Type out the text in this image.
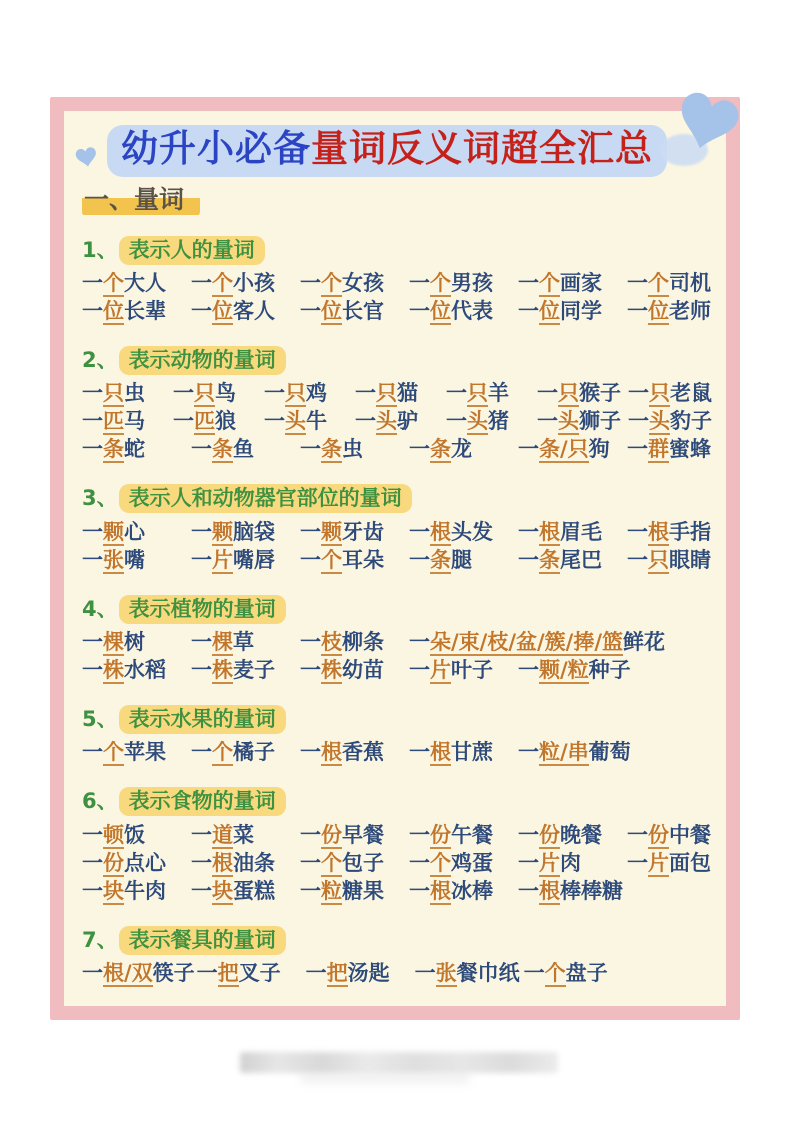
幼升小必备量词反义词超全汇总
一、量词
1、 表示人的量词
一个大人	一个小孩	一个女孩	一个男孩	一个画家	一个司机
一位长辈	一位客人	一位长官	一位代表	一位同学	一位老师
2、 表示动物的量词
一只虫	一只鸟	一只鸡	一只猫	一只羊	一只猴子 一只老鼠
一匹马	一匹狼	一头牛	一头驴	一头猪	一头狮子 一头豹子
一条蛇	一条鱼	一条虫	一条龙	一条/只狗 一群蜜蜂
3、 表示人和动物器官部位的量词
一颗心	一颗脑袋	一颗牙齿	一根头发	一根眉毛	一根手指
一张嘴	一片嘴唇	一个耳朵	一条腿	一条尾巴	一只眼睛
4、 表示植物的量词
一棵树	一棵草	一枝柳条	一朵/束/枝/盆/簇/捧/篮鲜花
一株水稻	一株麦子	一株幼苗	一片叶子	一颗/粒种子
5、 表示水果的量词
一个苹果	一个橘子	一根香蕉	一根甘蔗	一粒/串葡萄
6、 表示食物的量词
一顿饭	一道菜	一份早餐	一份午餐	一份晚餐	一份中餐
一份点心	一根油条	一个包子	一个鸡蛋	一片肉	一片面包
一块牛肉	一块蛋糕	一粒糖果	一根冰棒	一根棒棒糖
7、 表示餐具的量词
一根/双筷子 一把叉子	一把汤匙	一张餐巾纸 一个盘子
